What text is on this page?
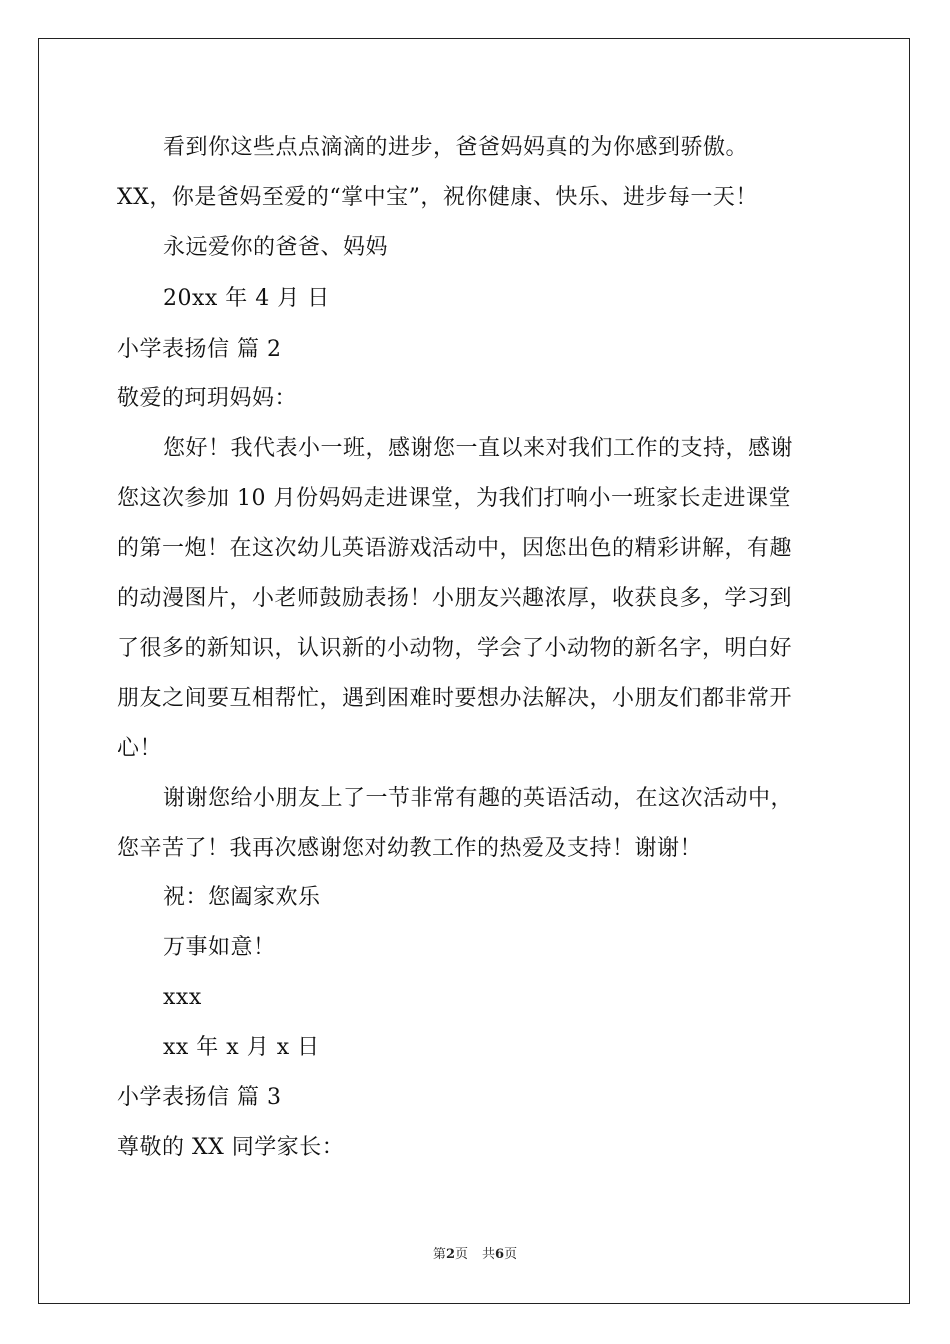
看到你这些点点滴滴的进步，爸爸妈妈真的为你感到骄傲。
XX，你是爸妈至爱的“掌中宝”，祝你健康、快乐、进步每一天！
永远爱你的爸爸、妈妈
20xx 年 4 月 日
小学表扬信 篇 2
敬爱的珂玥妈妈：
您好！我代表小一班，感谢您一直以来对我们工作的支持，感谢
您这次参加 10 月份妈妈走进课堂，为我们打响小一班家长走进课堂
的第一炮！在这次幼儿英语游戏活动中，因您出色的精彩讲解，有趣
的动漫图片，小老师鼓励表扬！小朋友兴趣浓厚，收获良多，学习到
了很多的新知识，认识新的小动物，学会了小动物的新名字，明白好
朋友之间要互相帮忙，遇到困难时要想办法解决，小朋友们都非常开
心！
谢谢您给小朋友上了一节非常有趣的英语活动，在这次活动中，
您辛苦了！我再次感谢您对幼教工作的热爱及支持！谢谢！
祝：您阖家欢乐
万事如意！
xxx
xx 年 x 月 x 日
小学表扬信 篇 3
尊敬的 XX 同学家长：
第2页 共6页
